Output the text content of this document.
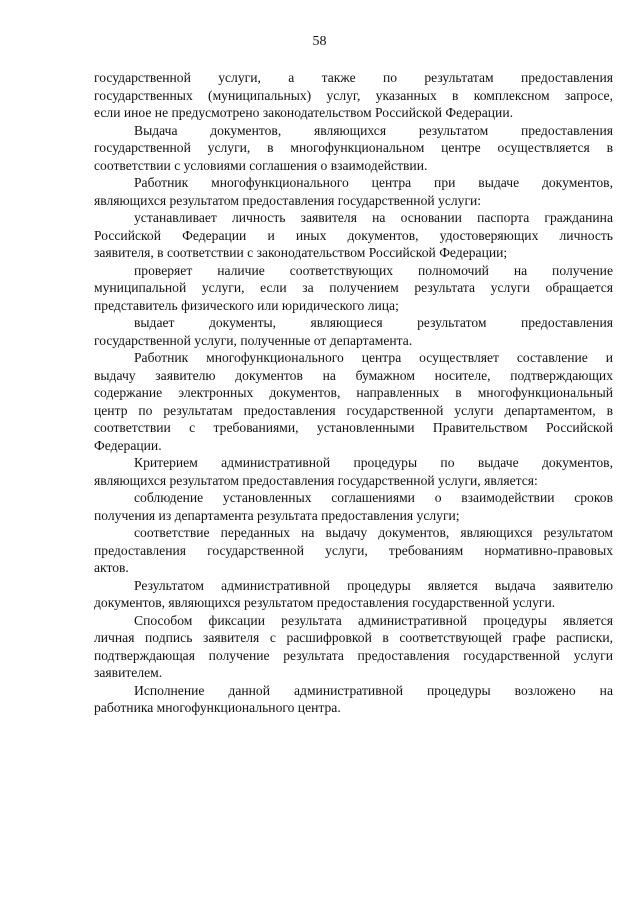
58
государственной услуги, а также по результатам предоставления
государственных (муниципальных) услуг, указанных в комплексном запросе,
если иное не предусмотрено законодательством Российской Федерации.
Выдача документов, являющихся результатом предоставления
государственной услуги, в многофункциональном центре осуществляется в
соответствии с условиями соглашения о взаимодействии.
Работник многофункционального центра при выдаче документов,
являющихся результатом предоставления государственной услуги:
устанавливает личность заявителя на основании паспорта гражданина
Российской Федерации и иных документов, удостоверяющих личность
заявителя, в соответствии с законодательством Российской Федерации;
проверяет наличие соответствующих полномочий на получение
муниципальной услуги, если за получением результата услуги обращается
представитель физического или юридического лица;
выдает документы, являющиеся результатом предоставления
государственной услуги, полученные от департамента.
Работник многофункционального центра осуществляет составление и
выдачу заявителю документов на бумажном носителе, подтверждающих
содержание электронных документов, направленных в многофункциональный
центр по результатам предоставления государственной услуги департаментом, в
соответствии с требованиями, установленными Правительством Российской
Федерации.
Критерием административной процедуры по выдаче документов,
являющихся результатом предоставления государственной услуги, является:
соблюдение установленных соглашениями о взаимодействии сроков
получения из департамента результата предоставления услуги;
соответствие переданных на выдачу документов, являющихся результатом
предоставления государственной услуги, требованиям нормативно-правовых
актов.
Результатом административной процедуры является выдача заявителю
документов, являющихся результатом предоставления государственной услуги.
Способом фиксации результата административной процедуры является
личная подпись заявителя с расшифровкой в соответствующей графе расписки,
подтверждающая получение результата предоставления государственной услуги
заявителем.
Исполнение данной административной процедуры возложено на
работника многофункционального центра.
